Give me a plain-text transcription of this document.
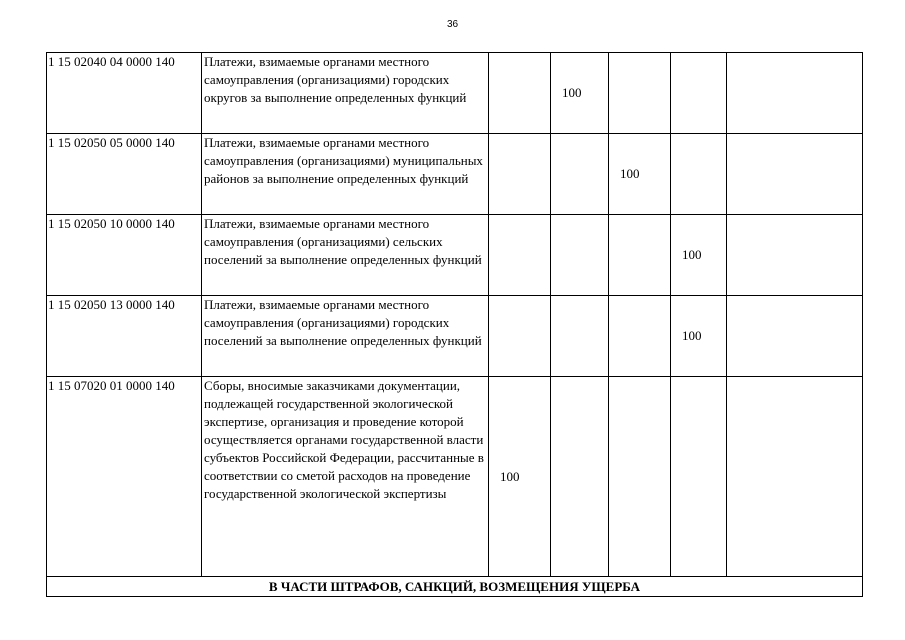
36
1 15 02040 04 0000 140	Платежи, взимаемые органами местного самоуправления (организациями) городских округов за выполнение определенных функций		100			
1 15 02050 05 0000 140	Платежи, взимаемые органами местного самоуправления (организациями) муниципальных районов за выполнение определенных функций			100		
1 15 02050 10 0000 140	Платежи, взимаемые органами местного самоуправления (организациями) сельских поселений за выполнение определенных функций				100	
1 15 02050 13 0000 140	Платежи, взимаемые органами местного самоуправления (организациями) городских поселений за выполнение определенных функций				100	
1 15 07020 01 0000 140	Сборы, вносимые заказчиками документации, подлежащей государственной экологической экспертизе, организация и проведение которой осуществляется органами государственной власти субъектов Российской Федерации, рассчитанные в соответствии со сметой расходов на проведение государственной экологической экспертизы	100				
В ЧАСТИ ШТРАФОВ, САНКЦИЙ, ВОЗМЕЩЕНИЯ УЩЕРБА						
